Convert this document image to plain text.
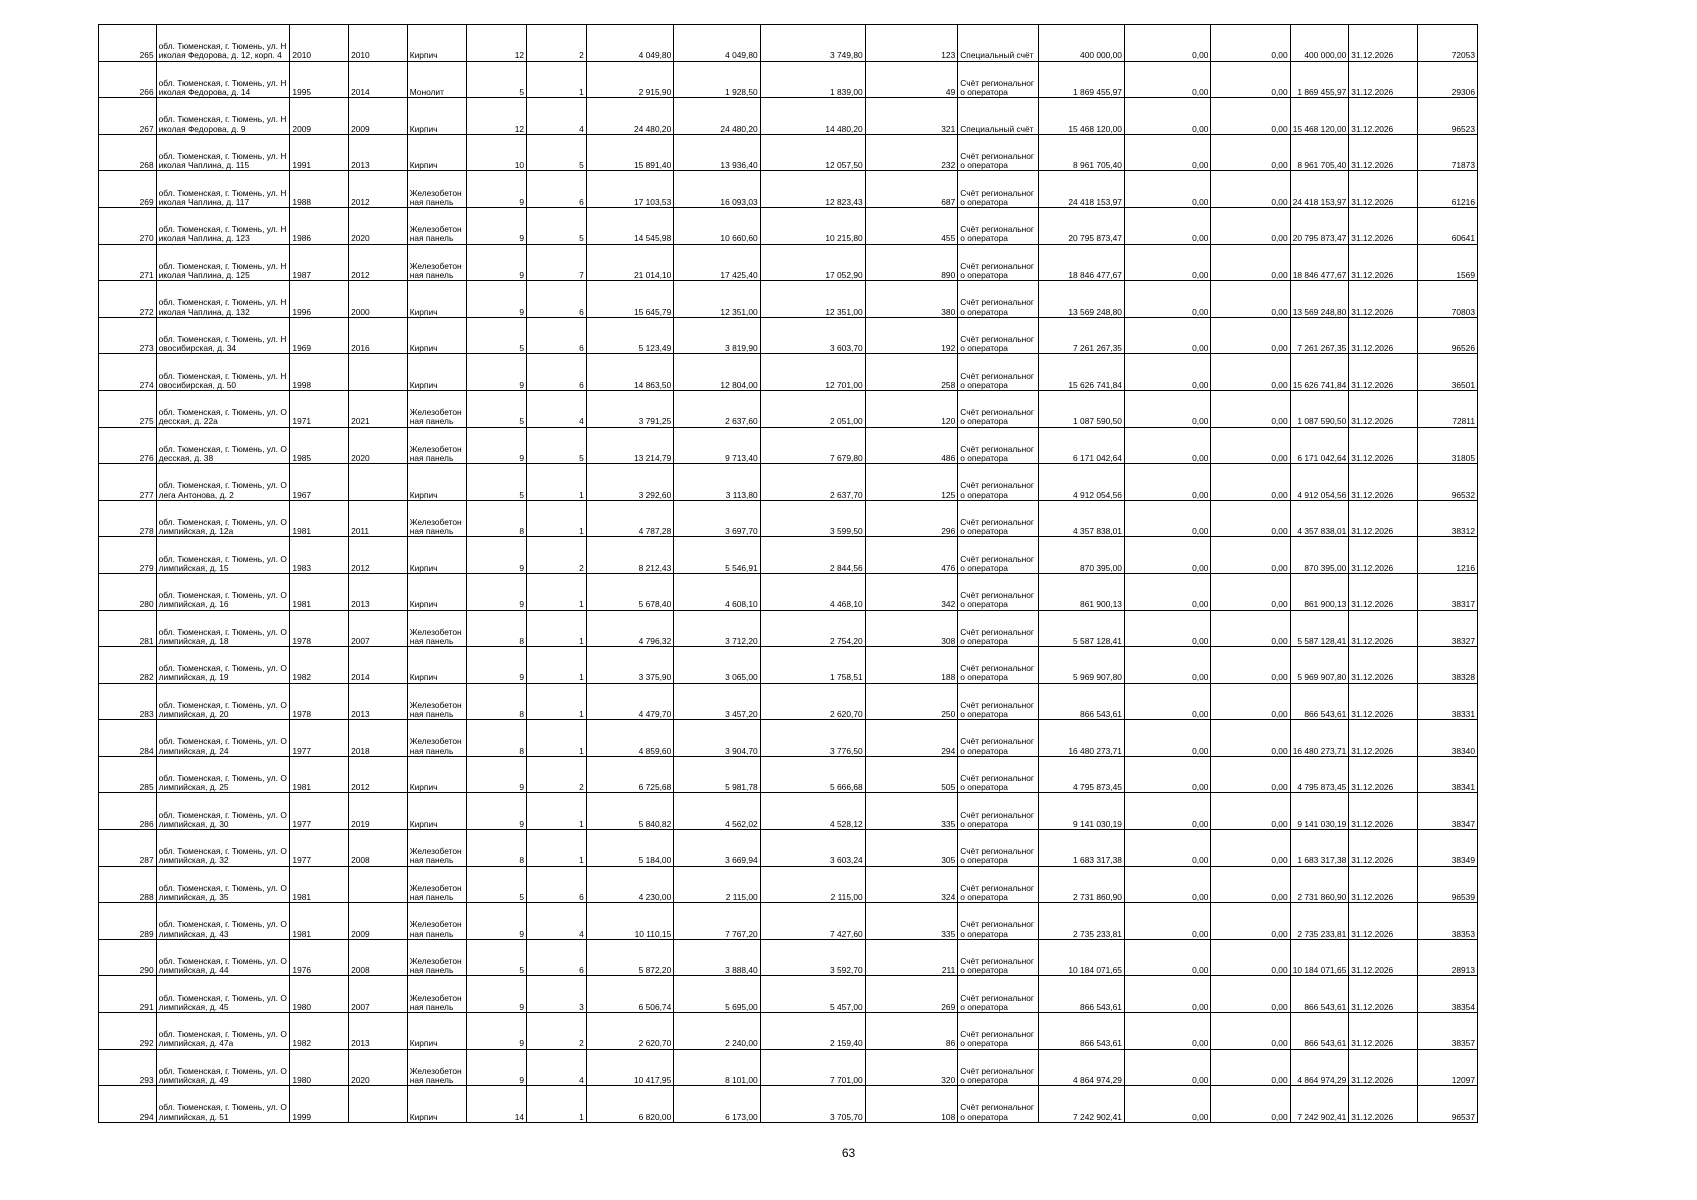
265	обл. Тюменская, г. Тюмень, ул. Николая Федорова, д. 12, корп. 4	2010	2010	Кирпич	12	2	4 049,80	4 049,80	3 749,80	123	Специальный счёт	400 000,00	0,00	0,00	400 000,00	31.12.2026	72053
266	обл. Тюменская, г. Тюмень, ул. Николая Федорова, д. 14	1995	2014	Монолит	5	1	2 915,90	1 928,50	1 839,00	49	Счёт регионального оператора	1 869 455,97	0,00	0,00	1 869 455,97	31.12.2026	29306
267	обл. Тюменская, г. Тюмень, ул. Николая Федорова, д. 9	2009	2009	Кирпич	12	4	24 480,20	24 480,20	14 480,20	321	Специальный счёт	15 468 120,00	0,00	0,00	15 468 120,00	31.12.2026	96523
268	обл. Тюменская, г. Тюмень, ул. Николая Чаплина, д. 115	1991	2013	Кирпич	10	5	15 891,40	13 936,40	12 057,50	232	Счёт регионального оператора	8 961 705,40	0,00	0,00	8 961 705,40	31.12.2026	71873
269	обл. Тюменская, г. Тюмень, ул. Николая Чаплина, д. 117	1988	2012	Железобетонная панель	9	6	17 103,53	16 093,03	12 823,43	687	Счёт регионального оператора	24 418 153,97	0,00	0,00	24 418 153,97	31.12.2026	61216
270	обл. Тюменская, г. Тюмень, ул. Николая Чаплина, д. 123	1986	2020	Железобетонная панель	9	5	14 545,98	10 660,60	10 215,80	455	Счёт регионального оператора	20 795 873,47	0,00	0,00	20 795 873,47	31.12.2026	60641
271	обл. Тюменская, г. Тюмень, ул. Николая Чаплина, д. 125	1987	2012	Железобетонная панель	9	7	21 014,10	17 425,40	17 052,90	890	Счёт регионального оператора	18 846 477,67	0,00	0,00	18 846 477,67	31.12.2026	1569
272	обл. Тюменская, г. Тюмень, ул. Николая Чаплина, д. 132	1996	2000	Кирпич	9	6	15 645,79	12 351,00	12 351,00	380	Счёт регионального оператора	13 569 248,80	0,00	0,00	13 569 248,80	31.12.2026	70803
273	обл. Тюменская, г. Тюмень, ул. Новосибирская, д. 34	1969	2016	Кирпич	5	6	5 123,49	3 819,90	3 603,70	192	Счёт регионального оператора	7 261 267,35	0,00	0,00	7 261 267,35	31.12.2026	96526
274	обл. Тюменская, г. Тюмень, ул. Новосибирская, д. 50	1998		Кирпич	9	6	14 863,50	12 804,00	12 701,00	258	Счёт регионального оператора	15 626 741,84	0,00	0,00	15 626 741,84	31.12.2026	36501
275	обл. Тюменская, г. Тюмень, ул. Одесская, д. 22а	1971	2021	Железобетонная панель	5	4	3 791,25	2 637,60	2 051,00	120	Счёт регионального оператора	1 087 590,50	0,00	0,00	1 087 590,50	31.12.2026	72811
276	обл. Тюменская, г. Тюмень, ул. Одесская, д. 38	1985	2020	Железобетонная панель	9	5	13 214,79	9 713,40	7 679,80	486	Счёт регионального оператора	6 171 042,64	0,00	0,00	6 171 042,64	31.12.2026	31805
277	обл. Тюменская, г. Тюмень, ул. Олега Антонова, д. 2	1967		Кирпич	5	1	3 292,60	3 113,80	2 637,70	125	Счёт регионального оператора	4 912 054,56	0,00	0,00	4 912 054,56	31.12.2026	96532
278	обл. Тюменская, г. Тюмень, ул. Олимпийская, д. 12а	1981	2011	Железобетонная панель	8	1	4 787,28	3 697,70	3 599,50	296	Счёт регионального оператора	4 357 838,01	0,00	0,00	4 357 838,01	31.12.2026	38312
279	обл. Тюменская, г. Тюмень, ул. Олимпийская, д. 15	1983	2012	Кирпич	9	2	8 212,43	5 546,91	2 844,56	476	Счёт регионального оператора	870 395,00	0,00	0,00	870 395,00	31.12.2026	1216
280	обл. Тюменская, г. Тюмень, ул. Олимпийская, д. 16	1981	2013	Кирпич	9	1	5 678,40	4 608,10	4 468,10	342	Счёт регионального оператора	861 900,13	0,00	0,00	861 900,13	31.12.2026	38317
281	обл. Тюменская, г. Тюмень, ул. Олимпийская, д. 18	1978	2007	Железобетонная панель	8	1	4 796,32	3 712,20	2 754,20	308	Счёт регионального оператора	5 587 128,41	0,00	0,00	5 587 128,41	31.12.2026	38327
282	обл. Тюменская, г. Тюмень, ул. Олимпийская, д. 19	1982	2014	Кирпич	9	1	3 375,90	3 065,00	1 758,51	188	Счёт регионального оператора	5 969 907,80	0,00	0,00	5 969 907,80	31.12.2026	38328
283	обл. Тюменская, г. Тюмень, ул. Олимпийская, д. 20	1978	2013	Железобетонная панель	8	1	4 479,70	3 457,20	2 620,70	250	Счёт регионального оператора	866 543,61	0,00	0,00	866 543,61	31.12.2026	38331
284	обл. Тюменская, г. Тюмень, ул. Олимпийская, д. 24	1977	2018	Железобетонная панель	8	1	4 859,60	3 904,70	3 776,50	294	Счёт регионального оператора	16 480 273,71	0,00	0,00	16 480 273,71	31.12.2026	38340
285	обл. Тюменская, г. Тюмень, ул. Олимпийская, д. 25	1981	2012	Кирпич	9	2	6 725,68	5 981,78	5 666,68	505	Счёт регионального оператора	4 795 873,45	0,00	0,00	4 795 873,45	31.12.2026	38341
286	обл. Тюменская, г. Тюмень, ул. Олимпийская, д. 30	1977	2019	Кирпич	9	1	5 840,82	4 562,02	4 528,12	335	Счёт регионального оператора	9 141 030,19	0,00	0,00	9 141 030,19	31.12.2026	38347
287	обл. Тюменская, г. Тюмень, ул. Олимпийская, д. 32	1977	2008	Железобетонная панель	8	1	5 184,00	3 669,94	3 603,24	305	Счёт регионального оператора	1 683 317,38	0,00	0,00	1 683 317,38	31.12.2026	38349
288	обл. Тюменская, г. Тюмень, ул. Олимпийская, д. 35	1981		Железобетонная панель	5	6	4 230,00	2 115,00	2 115,00	324	Счёт регионального оператора	2 731 860,90	0,00	0,00	2 731 860,90	31.12.2026	96539
289	обл. Тюменская, г. Тюмень, ул. Олимпийская, д. 43	1981	2009	Железобетонная панель	9	4	10 110,15	7 767,20	7 427,60	335	Счёт регионального оператора	2 735 233,81	0,00	0,00	2 735 233,81	31.12.2026	38353
290	обл. Тюменская, г. Тюмень, ул. Олимпийская, д. 44	1976	2008	Железобетонная панель	5	6	5 872,20	3 888,40	3 592,70	211	Счёт регионального оператора	10 184 071,65	0,00	0,00	10 184 071,65	31.12.2026	28913
291	обл. Тюменская, г. Тюмень, ул. Олимпийская, д. 45	1980	2007	Железобетонная панель	9	3	6 506,74	5 695,00	5 457,00	269	Счёт регионального оператора	866 543,61	0,00	0,00	866 543,61	31.12.2026	38354
292	обл. Тюменская, г. Тюмень, ул. Олимпийская, д. 47а	1982	2013	Кирпич	9	2	2 620,70	2 240,00	2 159,40	86	Счёт регионального оператора	866 543,61	0,00	0,00	866 543,61	31.12.2026	38357
293	обл. Тюменская, г. Тюмень, ул. Олимпийская, д. 49	1980	2020	Железобетонная панель	9	4	10 417,95	8 101,00	7 701,00	320	Счёт регионального оператора	4 864 974,29	0,00	0,00	4 864 974,29	31.12.2026	12097
294	обл. Тюменская, г. Тюмень, ул. Олимпийская, д. 51	1999		Кирпич	14	1	6 820,00	6 173,00	3 705,70	108	Счёт регионального оператора	7 242 902,41	0,00	0,00	7 242 902,41	31.12.2026	96537
63
